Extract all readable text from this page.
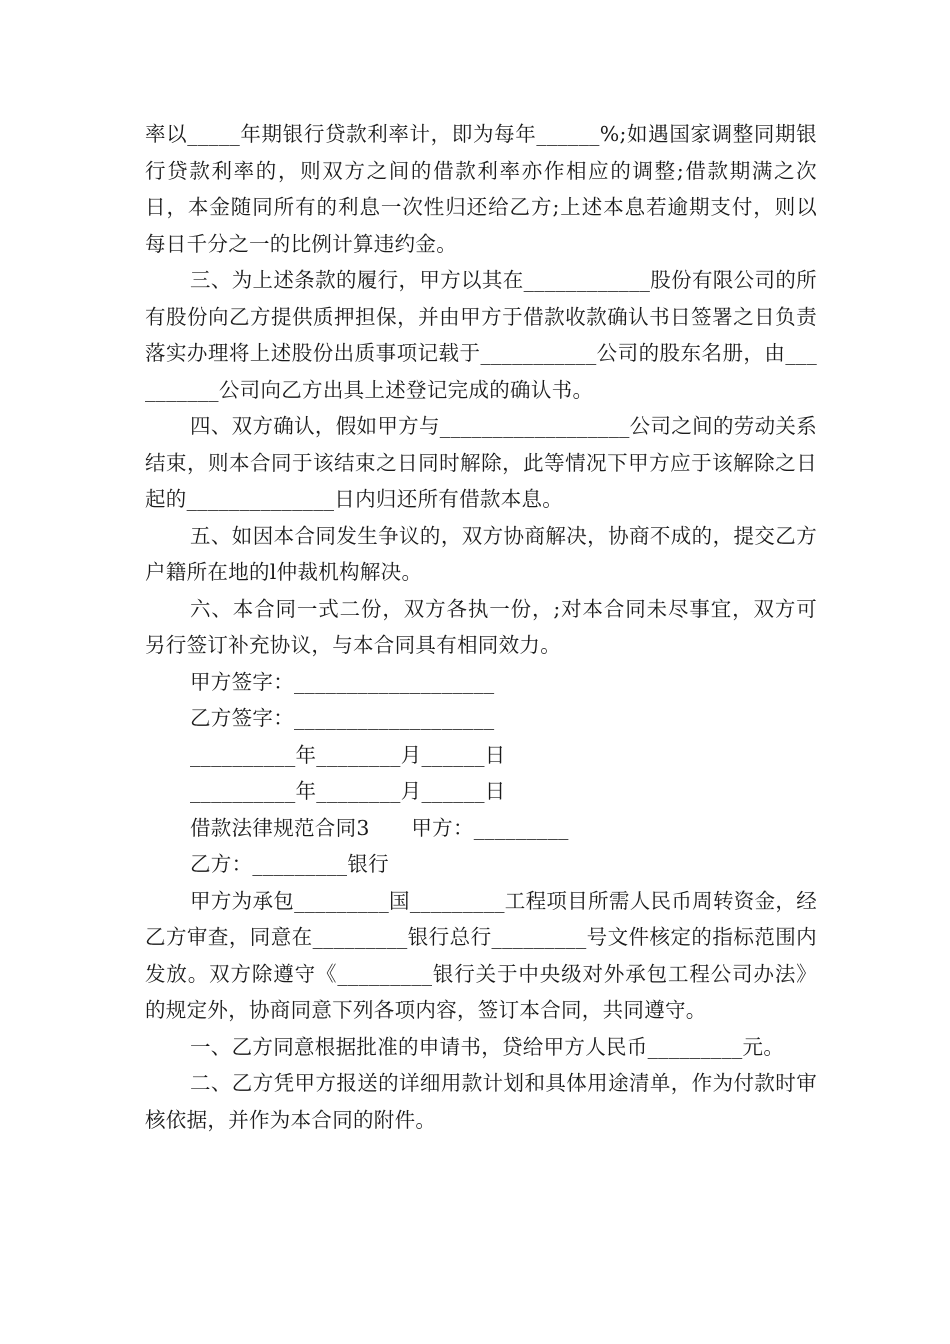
率以_____年期银行贷款利率计，即为每年______%;如遇国家调整同期银行贷款利率的，则双方之间的借款利率亦作相应的调整;借款期满之次日，本金随同所有的利息一次性归还给乙方;上述本息若逾期支付，则以每日千分之一的比例计算违约金。

三、为上述条款的履行，甲方以其在____________股份有限公司的所有股份向乙方提供质押担保，并由甲方于借款收款确认书日签署之日负责落实办理将上述股份出质事项记载于___________公司的股东名册，由__________公司向乙方出具上述登记完成的确认书。

四、双方确认，假如甲方与__________________公司之间的劳动关系结束，则本合同于该结束之日同时解除，此等情况下甲方应于该解除之日起的______________日内归还所有借款本息。

五、如因本合同发生争议的，双方协商解决，协商不成的，提交乙方户籍所在地的l仲裁机构解决。

六、本合同一式二份，双方各执一份，;对本合同未尽事宜，双方可另行签订补充协议，与本合同具有相同效力。

甲方签字：___________________

乙方签字：___________________

__________年________月______日

__________年________月______日

借款法律规范合同3　　甲方：_________

乙方：_________银行

甲方为承包_________国_________工程项目所需人民币周转资金，经乙方审查，同意在_________银行总行_________号文件核定的指标范围内发放。双方除遵守《_________银行关于中央级对外承包工程公司办法》的规定外，协商同意下列各项内容，签订本合同，共同遵守。

一、乙方同意根据批准的申请书，贷给甲方人民币_________元。

二、乙方凭甲方报送的详细用款计划和具体用途清单，作为付款时审核依据，并作为本合同的附件。
